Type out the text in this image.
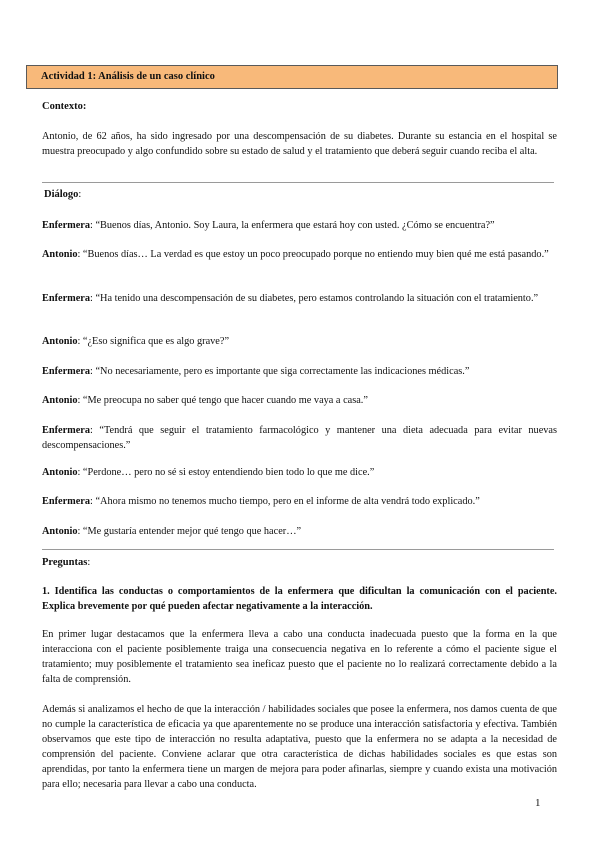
Actividad 1: Análisis de un caso clínico
Contexto:

Antonio, de 62 años, ha sido ingresado por una descompensación de su diabetes. Durante su estancia en el hospital se muestra preocupado y algo confundido sobre su estado de salud y el tratamiento que deberá seguir cuando reciba el alta.

Diálogo:

Enfermera: “Buenos días, Antonio. Soy Laura, la enfermera que estará hoy con usted. ¿Cómo se encuentra?”

Antonio: “Buenos días… La verdad es que estoy un poco preocupado porque no entiendo muy bien qué me está pasando.”

Enfermera: “Ha tenido una descompensación de su diabetes, pero estamos controlando la situación con el tratamiento.”

Antonio: “¿Eso significa que es algo grave?”

Enfermera: “No necesariamente, pero es importante que siga correctamente las indicaciones médicas.”

Antonio: “Me preocupa no saber qué tengo que hacer cuando me vaya a casa.”

Enfermera: “Tendrá que seguir el tratamiento farmacológico y mantener una dieta adecuada para evitar nuevas descompensaciones.”

Antonio: “Perdone… pero no sé si estoy entendiendo bien todo lo que me dice.”

Enfermera: “Ahora mismo no tenemos mucho tiempo, pero en el informe de alta vendrá todo explicado.”

Antonio: “Me gustaría entender mejor qué tengo que hacer…”

Preguntas:

1. Identifica las conductas o comportamientos de la enfermera que dificultan la comunicación con el paciente. Explica brevemente por qué pueden afectar negativamente a la interacción.

En primer lugar destacamos que la enfermera lleva a cabo una conducta inadecuada puesto que la forma en la que interacciona con el paciente posiblemente traiga una consecuencia negativa en lo referente a cómo el paciente sigue el tratamiento; muy posiblemente el tratamiento sea ineficaz puesto que el paciente no lo realizará correctamente debido a la falta de comprensión.

Además si analizamos el hecho de que la interacción / habilidades sociales que posee la enfermera, nos damos cuenta de que no cumple la característica de eficacia ya que aparentemente no se produce una interacción satisfactoria y efectiva. También observamos que este tipo de interacción no resulta adaptativa, puesto que la enfermera no se adapta a la necesidad de comprensión del paciente. Conviene aclarar que otra característica de dichas habilidades sociales es que estas son aprendidas, por tanto la enfermera tiene un margen de mejora para poder afinarlas, siempre y cuando exista una motivación para ello; necesaria para llevar a cabo una conducta.

1
